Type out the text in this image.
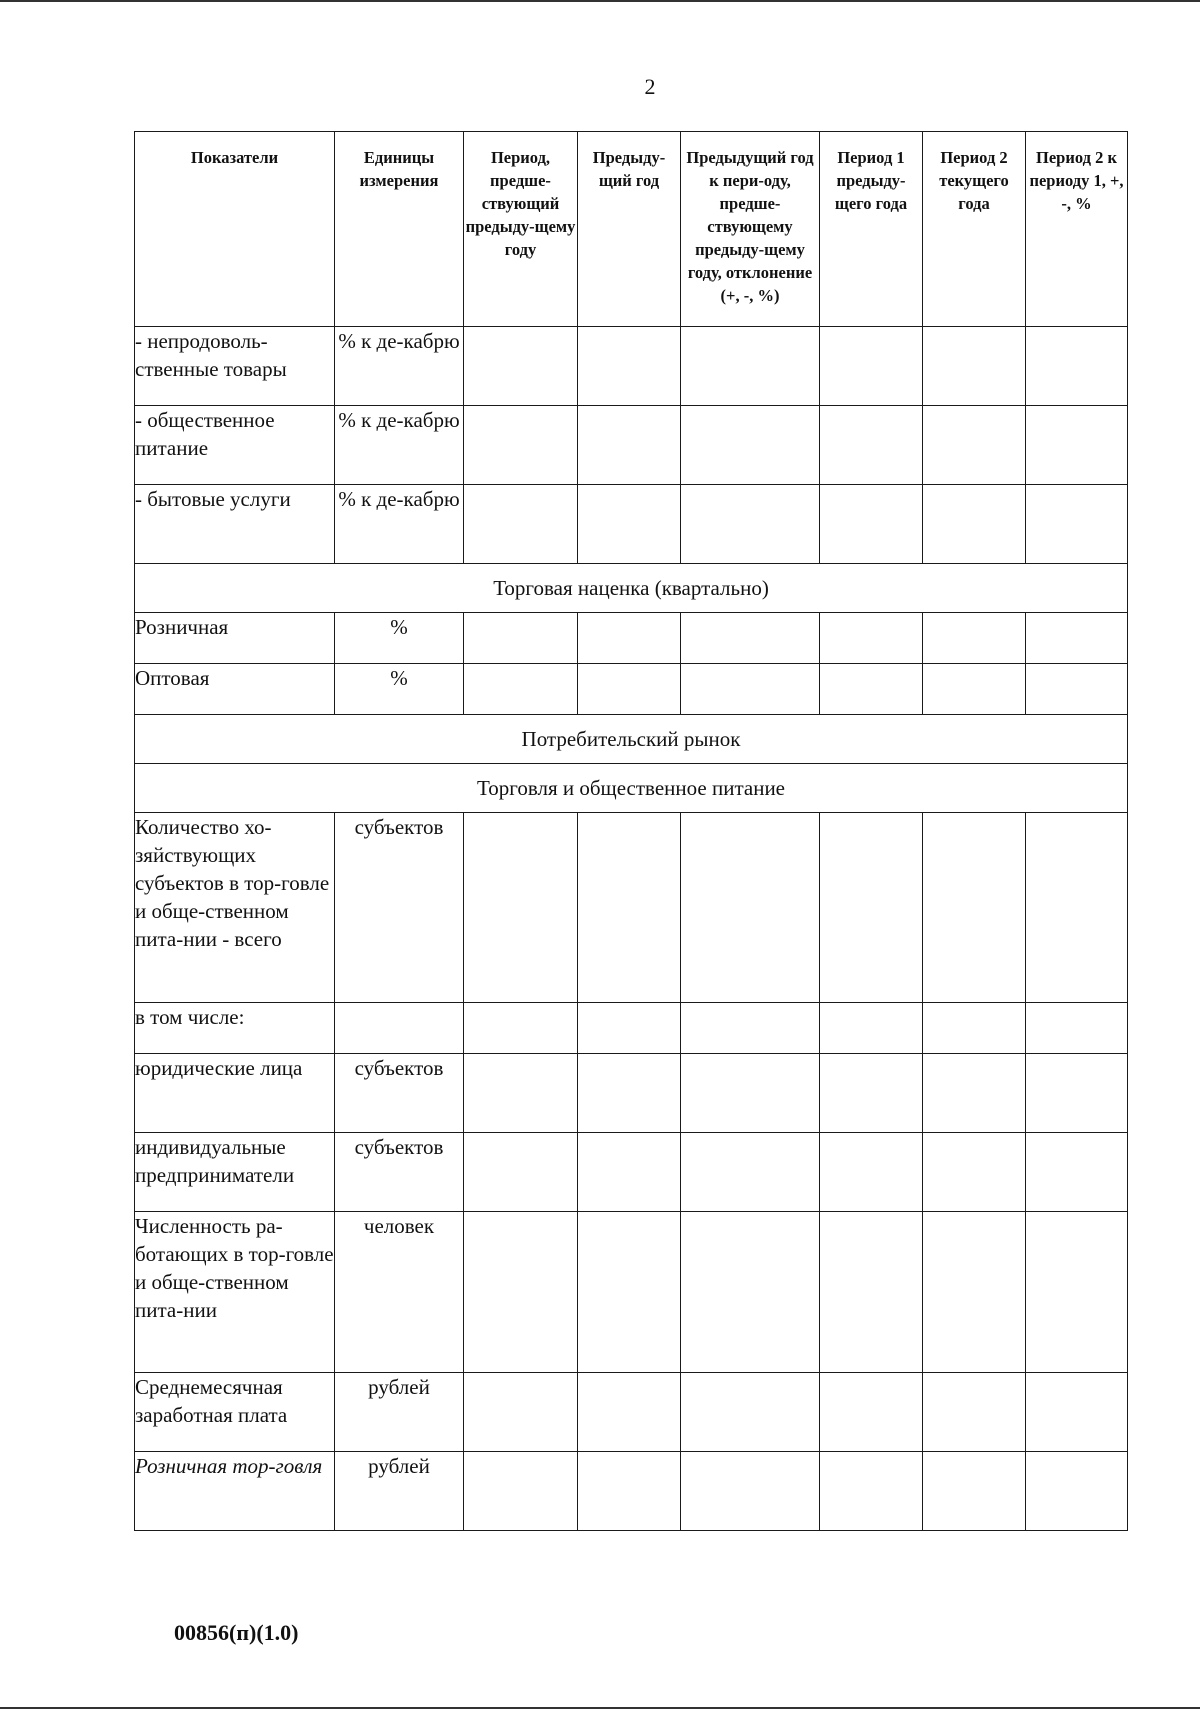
2
Показатели	Единицы измерения	Период, предше-ствующий предыду-щему году	Предыду-щий год	Предыдущий год к пери-оду, предше-ствующему предыду-щему году, отклонение (+, -, %)	Период 1 предыду-щего года	Период 2 текущего года	Период 2 к периоду 1, +, -, %
- непродоволь-ственные товары	% к де-кабрю						
- общественное питание	% к де-кабрю						
- бытовые услуги	% к де-кабрю						
Торговая наценка (квартально)							
Розничная	%						
Оптовая	%						
Потребительский рынок							
Торговля и общественное питание							
Количество хо-зяйствующих субъектов в тор-говле и обще-ственном пита-нии - всего	субъектов						
в том числе:							
юридические лица	субъектов						
индивидуальные предприниматели	субъектов						
Численность ра-ботающих в тор-говле и обще-ственном пита-нии	человек						
Среднемесячная заработная плата	рублей						
Розничная тор-говля	рублей						
00856(п)(1.0)
